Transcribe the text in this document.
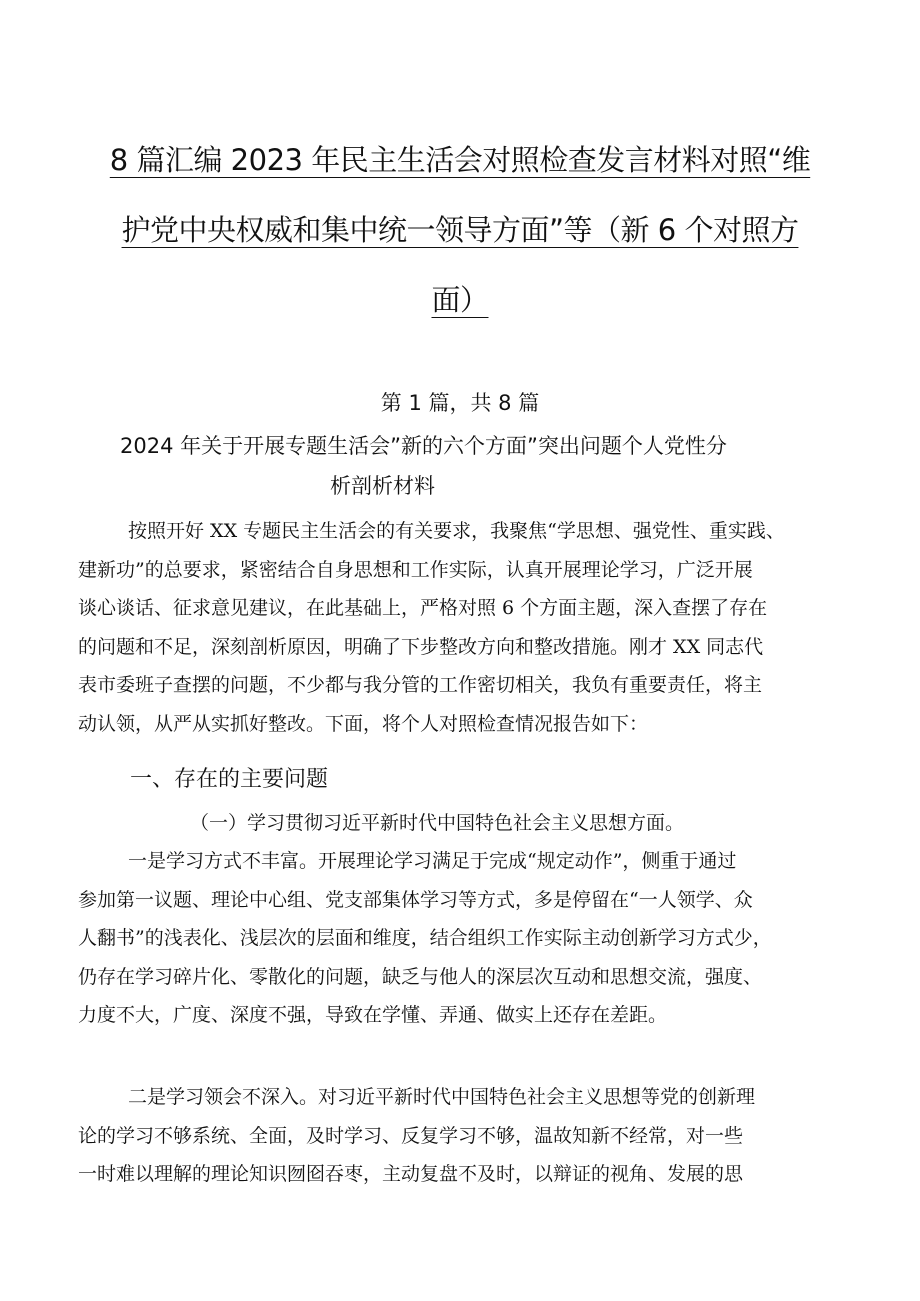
8 篇汇编 2023 年民主生活会对照检查发言材料对照“维
护党中央权威和集中统一领导方面”等（新 6 个对照方
面）
第 1 篇，共 8 篇
2024 年关于开展专题生活会”新的六个方面”突出问题个人党性分
析剖析材料
按照开好 XX 专题民主生活会的有关要求，我聚焦“学思想、强党性、重实践、
建新功”的总要求，紧密结合自身思想和工作实际，认真开展理论学习，广泛开展
谈心谈话、征求意见建议，在此基础上，严格对照 6 个方面主题，深入查摆了存在
的问题和不足，深刻剖析原因，明确了下步整改方向和整改措施。刚才 XX 同志代
表市委班子查摆的问题，不少都与我分管的工作密切相关，我负有重要责任，将主
动认领，从严从实抓好整改。下面，将个人对照检查情况报告如下：
一、存在的主要问题
（一）学习贯彻习近平新时代中国特色社会主义思想方面。
一是学习方式不丰富。开展理论学习满足于完成“规定动作”，侧重于通过
参加第一议题、理论中心组、党支部集体学习等方式，多是停留在“一人领学、众
人翻书”的浅表化、浅层次的层面和维度，结合组织工作实际主动创新学习方式少，
仍存在学习碎片化、零散化的问题，缺乏与他人的深层次互动和思想交流，强度、
力度不大，广度、深度不强，导致在学懂、弄通、做实上还存在差距。
二是学习领会不深入。对习近平新时代中国特色社会主义思想等党的创新理
论的学习不够系统、全面，及时学习、反复学习不够，温故知新不经常，对一些
一时难以理解的理论知识囫囵吞枣，主动复盘不及时，以辩证的视角、发展的思
